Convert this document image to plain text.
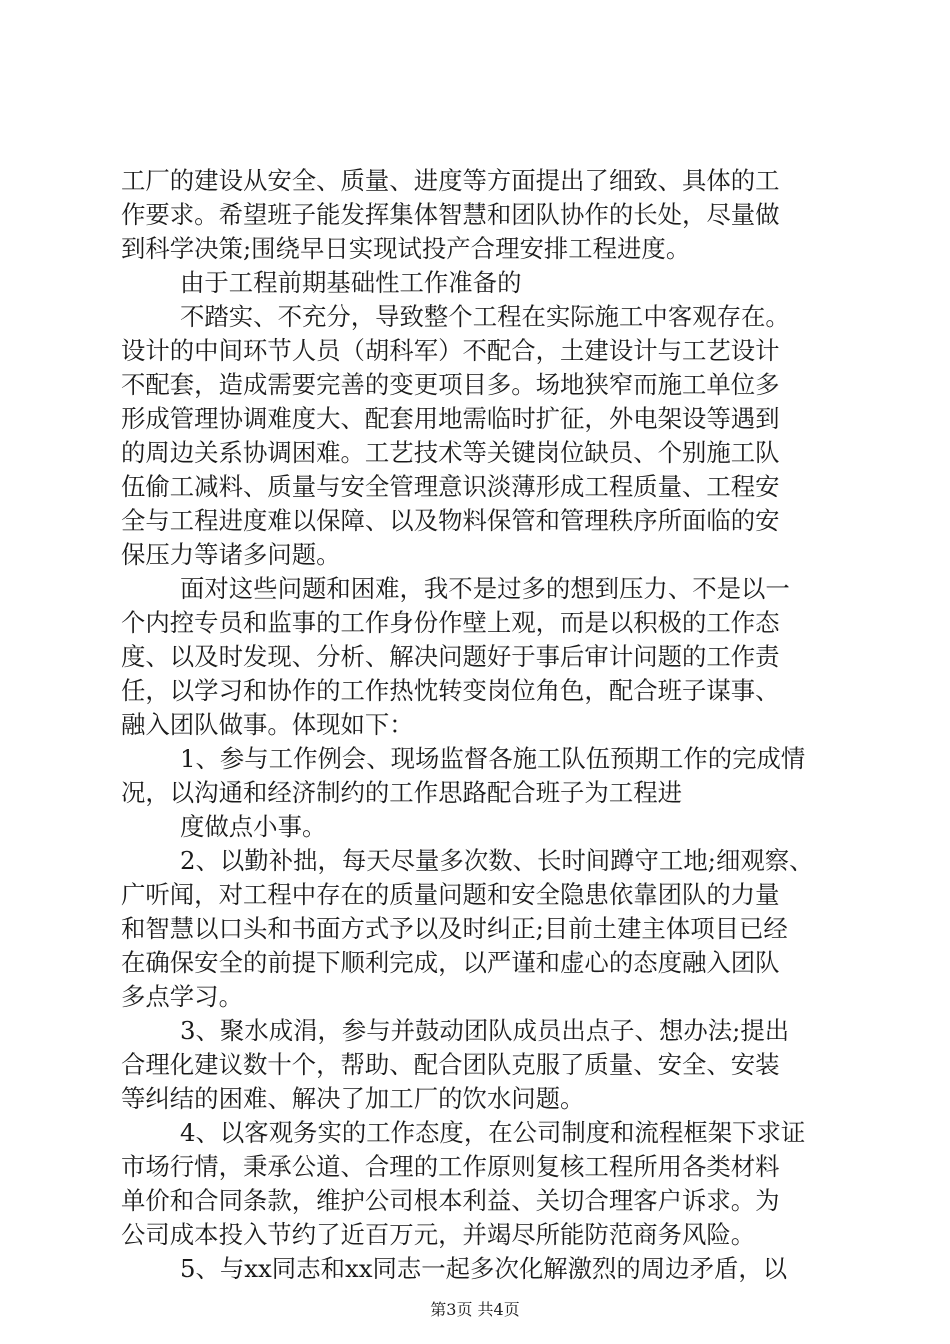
工厂的建设从安全、质量、进度等方面提出了细致、具体的工
作要求。希望班子能发挥集体智慧和团队协作的长处，尽量做
到科学决策;围绕早日实现试投产合理安排工程进度。
由于工程前期基础性工作准备的
不踏实、不充分，导致整个工程在实际施工中客观存在。
设计的中间环节人员（胡科军）不配合，土建设计与工艺设计
不配套，造成需要完善的变更项目多。场地狭窄而施工单位多
形成管理协调难度大、配套用地需临时扩征，外电架设等遇到
的周边关系协调困难。工艺技术等关键岗位缺员、个别施工队
伍偷工减料、质量与安全管理意识淡薄形成工程质量、工程安
全与工程进度难以保障、以及物料保管和管理秩序所面临的安
保压力等诸多问题。
面对这些问题和困难，我不是过多的想到压力、不是以一
个内控专员和监事的工作身份作壁上观，而是以积极的工作态
度、以及时发现、分析、解决问题好于事后审计问题的工作责
任，以学习和协作的工作热忱转变岗位角色，配合班子谋事、
融入团队做事。体现如下：
1、参与工作例会、现场监督各施工队伍预期工作的完成情
况，以沟通和经济制约的工作思路配合班子为工程进
度做点小事。
2、以勤补拙，每天尽量多次数、长时间蹲守工地;细观察、
广听闻，对工程中存在的质量问题和安全隐患依靠团队的力量
和智慧以口头和书面方式予以及时纠正;目前土建主体项目已经
在确保安全的前提下顺利完成，以严谨和虚心的态度融入团队
多点学习。
3、聚水成涓，参与并鼓动团队成员出点子、想办法;提出
合理化建议数十个，帮助、配合团队克服了质量、安全、安装
等纠结的困难、解决了加工厂的饮水问题。
4、以客观务实的工作态度，在公司制度和流程框架下求证
市场行情，秉承公道、合理的工作原则复核工程所用各类材料
单价和合同条款，维护公司根本利益、关切合理客户诉求。为
公司成本投入节约了近百万元，并竭尽所能防范商务风险。
5、与xx同志和xx同志一起多次化解激烈的周边矛盾，以
第3页 共4页
